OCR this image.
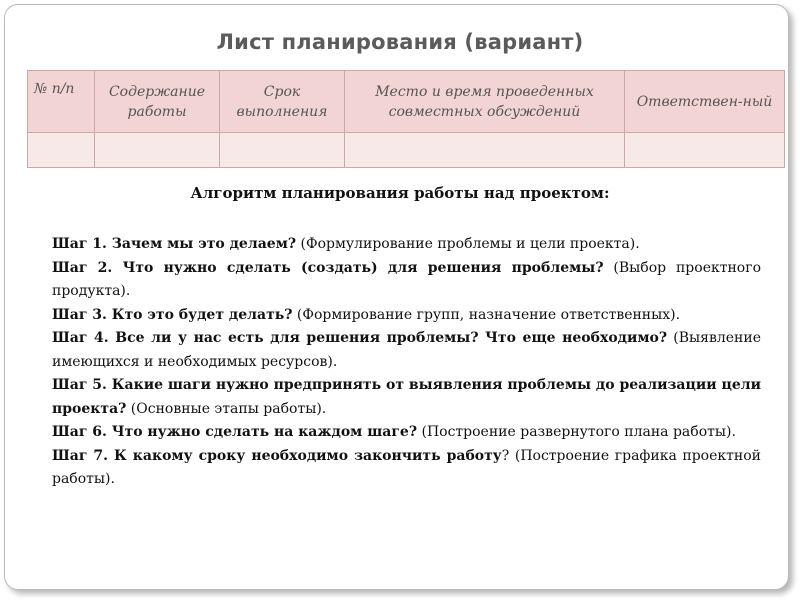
Лист планирования (вариант)
№ п/п	Содержание работы	Срок выполнения	Место и время проведенных совместных обсуждений	Ответствен-ный

Алгоритм планирования работы над проектом:

Шаг 1. Зачем мы это делаем? (Формулирование проблемы и цели проекта).

Шаг 2. Что нужно сделать (создать) для решения проблемы? (Выбор проектного продукта).

Шаг 3. Кто это будет делать? (Формирование групп, назначение ответственных).

Шаг 4. Все ли у нас есть для решения проблемы? Что еще необходимо? (Выявление имеющихся и необходимых ресурсов).

Шаг 5. Какие шаги нужно предпринять от выявления проблемы до реализации цели проекта? (Основные этапы работы).

Шаг 6. Что нужно сделать на каждом шаге? (Построение развернутого плана работы).

Шаг 7. К какому сроку необходимо закончить работу? (Построение графика проектной работы).
